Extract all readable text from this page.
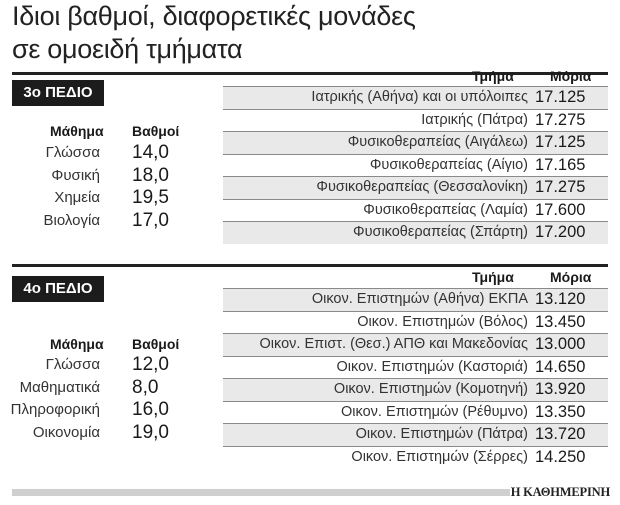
Ιδιοι βαθμοί, διαφορετικές μονάδες
σε ομοειδή τμήματα
3ο ΠΕΔΙΟ
Τμήμα	Μόρια
Μάθημα Βαθμοί
Γλώσσα 14,0
Φυσική 18,0
Χημεία 19,5
Βιολογία 17,0
Ιατρικής (Αθήνα) και οι υπόλοιπες 17.125
Ιατρικής (Πάτρα) 17.275
Φυσικοθεραπείας (Αιγάλεω) 17.125
Φυσικοθεραπείας (Αίγιο) 17.165
Φυσικοθεραπείας (Θεσσαλονίκη) 17.275
Φυσικοθεραπείας (Λαμία) 17.600
Φυσικοθεραπείας (Σπάρτη) 17.200
4ο ΠΕΔΙΟ
Τμήμα	Μόρια
Μάθημα Βαθμοί
Γλώσσα 12,0
Μαθηματικά 8,0
Πληροφορική 16,0
Οικονομία 19,0
Οικον. Επιστημών (Αθήνα) ΕΚΠΑ 13.120
Οικον. Επιστημών (Βόλος) 13.450
Οικον. Επιστ. (Θεσ.) ΑΠΘ και Μακεδονίας 13.000
Οικον. Επιστημών (Καστοριά) 14.650
Οικον. Επιστημών (Κομοτηνή) 13.920
Οικον. Επιστημών (Ρέθυμνο) 13.350
Οικον. Επιστημών (Πάτρα) 13.720
Οικον. Επιστημών (Σέρρες) 14.250
Η ΚΑΘΗΜΕΡΙΝΗ
